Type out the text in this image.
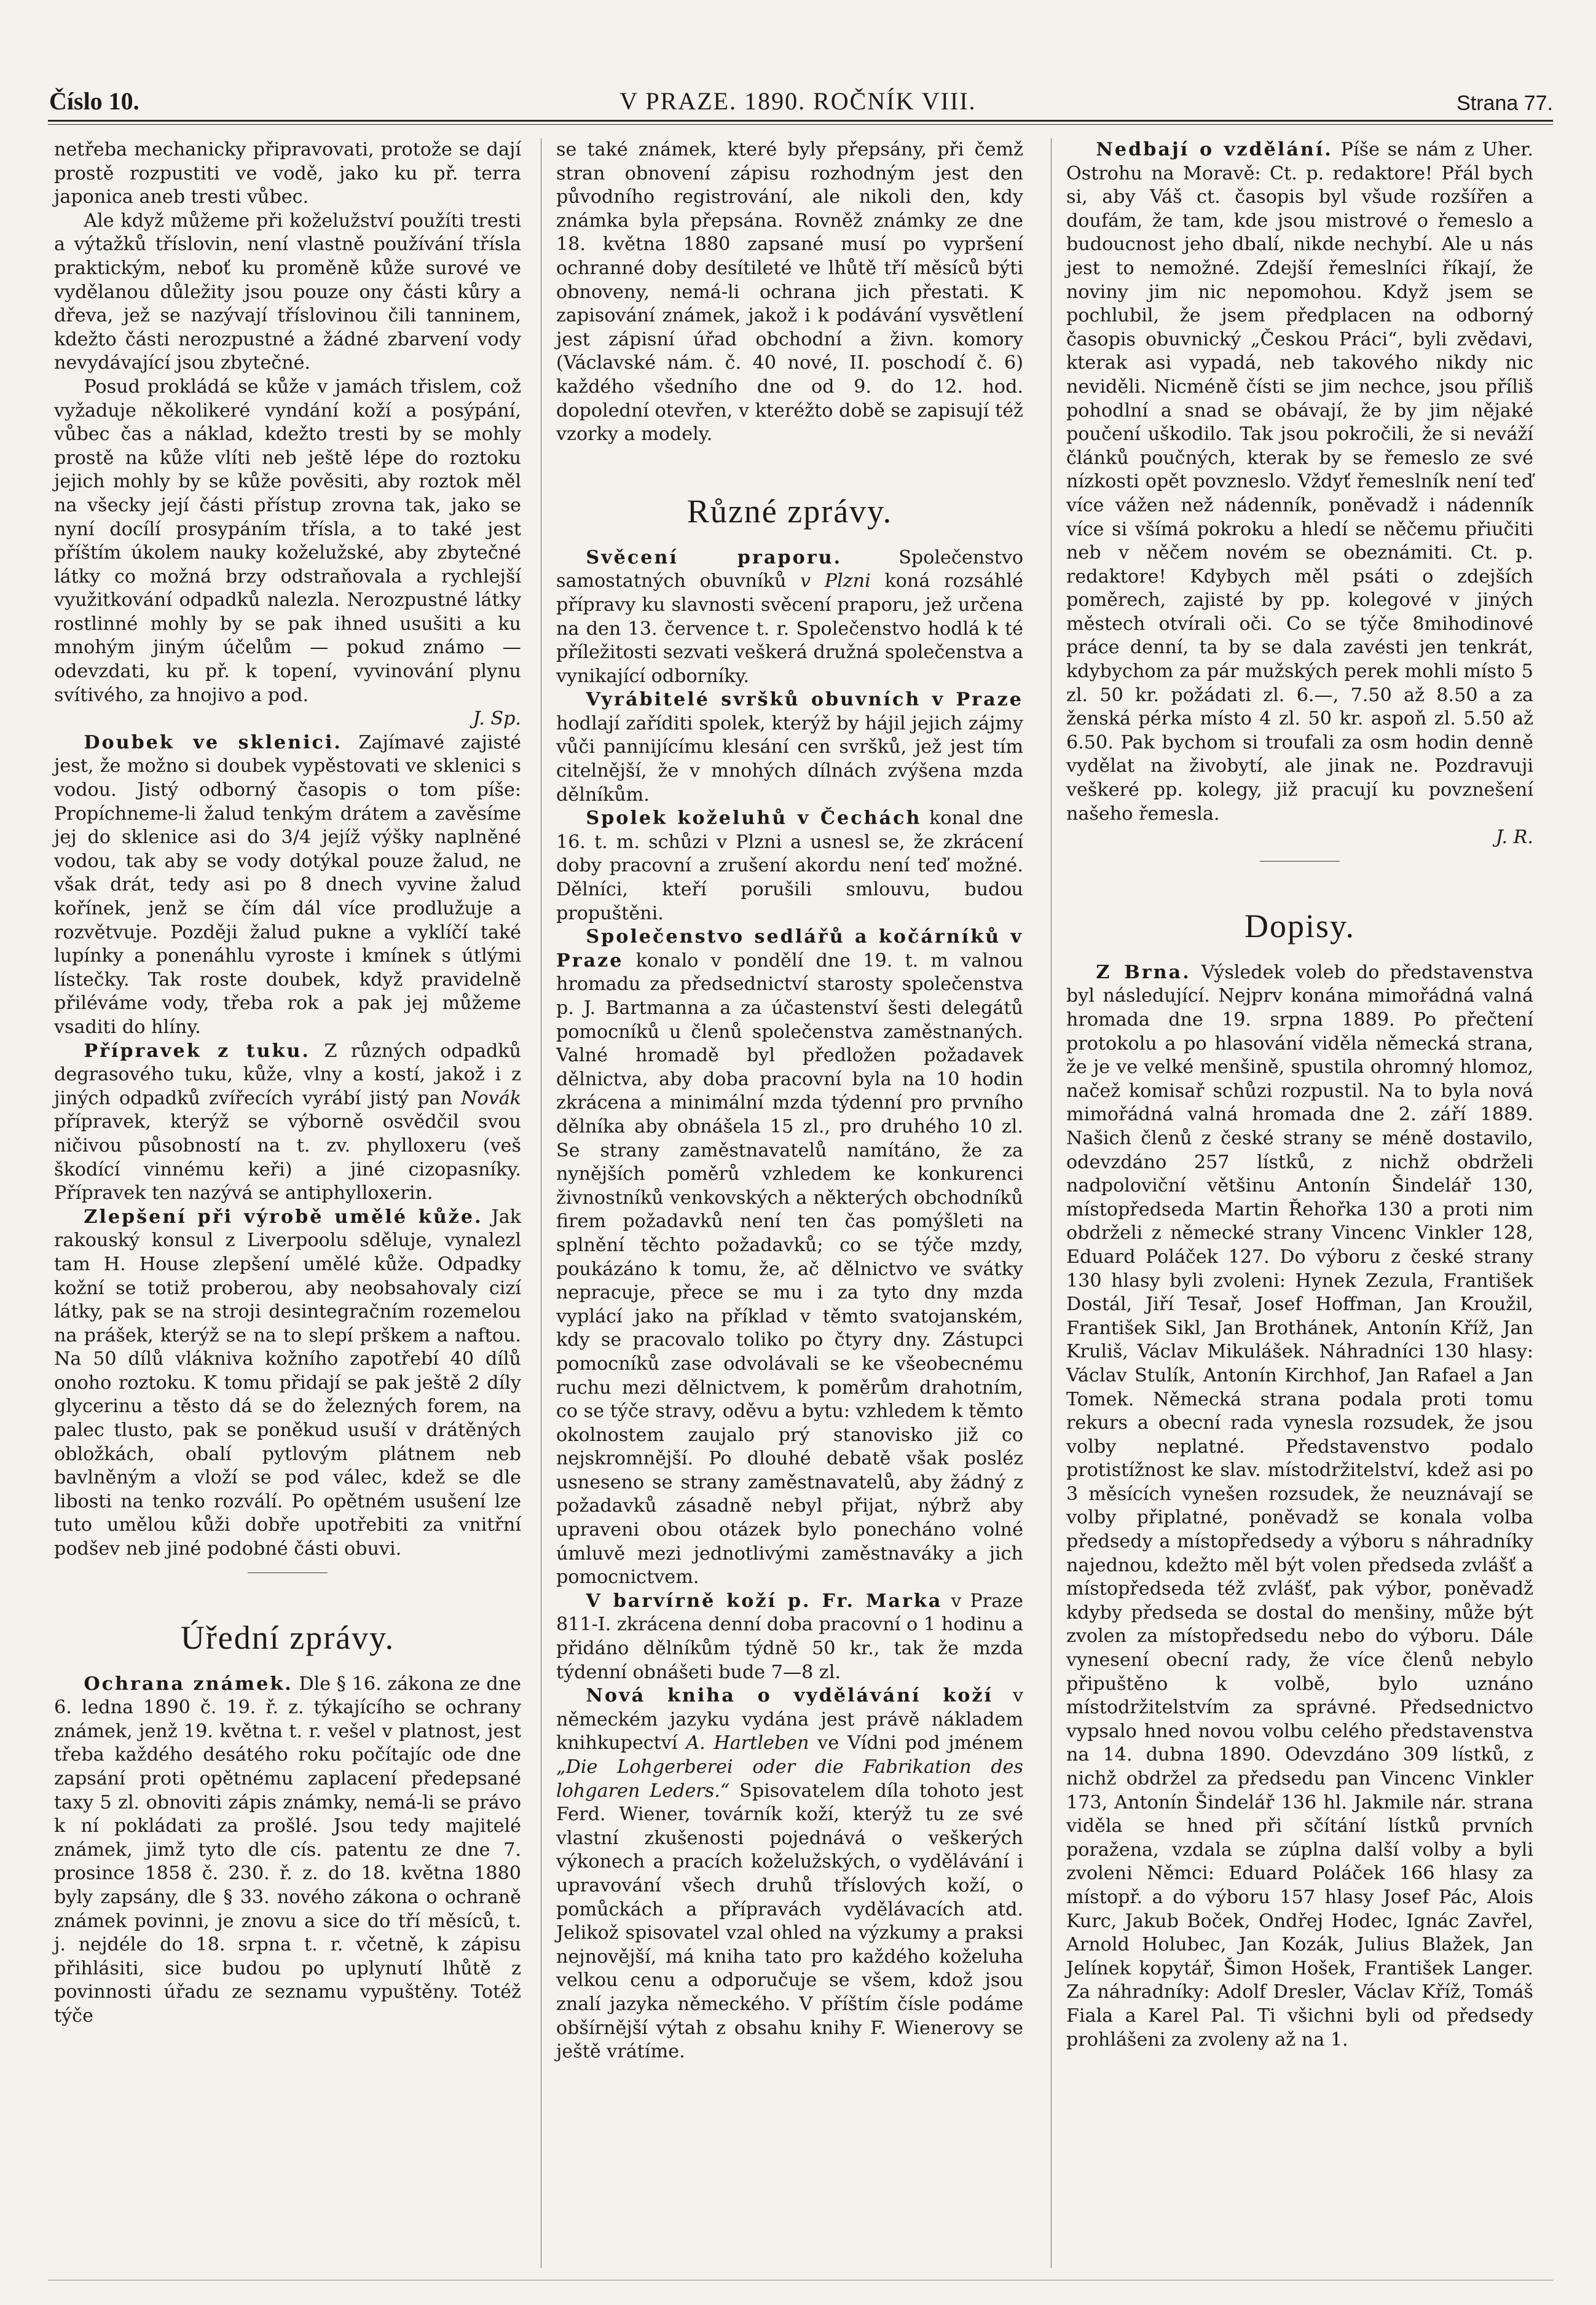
Číslo 10.	V PRAZE. 1890. ROČNÍK VIII.	Strana 77.

netřeba mechanicky připravovati, protože se dají prostě rozpustiti ve vodě, jako ku př. terra japonica aneb tresti vůbec.

Ale když můžeme při koželužství použíti tresti a výtažků tříslovin, není vlastně používání třísla praktickým, neboť ku proměně kůže surové ve vydělanou důležity jsou pouze ony části kůry a dřeva, jež se nazývají tříslovinou čili tanninem, kdežto části nerozpustné a žádné zbarvení vody nevydávající jsou zbytečné.

Posud prokládá se kůže v jamách třislem, což vyžaduje několikeré vyndání koží a posýpání, vůbec čas a náklad, kdežto tresti by se mohly prostě na kůže vlíti neb ještě lépe do roztoku jejich mohly by se kůže pověsiti, aby roztok měl na všecky její části přístup zrovna tak, jako se nyní docílí prosypáním třísla, a to také jest příštím úkolem nauky koželužské, aby zbytečné látky co možná brzy odstraňovala a rychlejší využitkování odpadků nalezla. Nerozpustné látky rostlinné mohly by se pak ihned usušiti a ku mnohým jiným účelům — pokud známo — odevzdati, ku př. k topení, vyvinování plynu svítivého, za hnojivo a pod.

J. Sp.

Doubek ve sklenici. Zajímavé zajisté jest, že možno si doubek vypěstovati ve sklenici s vodou. Jistý odborný časopis o tom píše: Propíchneme-li žalud tenkým drátem a zavěsíme jej do sklenice asi do 3/4 jejíž výšky naplněné vodou, tak aby se vody dotýkal pouze žalud, ne však drát, tedy asi po 8 dnech vyvine žalud kořínek, jenž se čím dál více prodlužuje a rozvětvuje. Později žalud pukne a vyklíčí také lupínky a ponenáhlu vyroste i kmínek s útlými lístečky. Tak roste doubek, když pravidelně přiléváme vody, třeba rok a pak jej můžeme vsaditi do hlíny.

Přípravek z tuku. Z různých odpadků degrasového tuku, kůže, vlny a kostí, jakož i z jiných odpadků zvířecích vyrábí jistý pan Novák přípravek, kterýž se výborně osvědčil svou ničivou působností na t. zv. phylloxeru (veš škodící vinnému keři) a jiné cizopasníky. Přípravek ten nazývá se antiphylloxerin.

Zlepšení při výrobě umělé kůže. Jak rakouský konsul z Liverpoolu sděluje, vynalezl tam H. House zlepšení umělé kůže. Odpadky kožní se totiž proberou, aby neobsahovaly cizí látky, pak se na stroji desintegračním rozemelou na prášek, kterýž se na to slepí prškem a naftou. Na 50 dílů vlákniva kožního zapotřebí 40 dílů onoho roztoku. K tomu přidají se pak ještě 2 díly glycerinu a těsto dá se do železných forem, na palec tlusto, pak se poněkud usuší v drátěných obložkách, obalí pytlovým plátnem neb bavlněným a vloží se pod válec, kdež se dle libosti na tenko rozválí. Po opětném usušení lze tuto umělou kůži dobře upotřebiti za vnitřní podšev neb jiné podobné části obuvi.

Úřední zprávy.

Ochrana známek. Dle § 16. zákona ze dne 6. ledna 1890 č. 19. ř. z. týkajícího se ochrany známek, jenž 19. května t. r. vešel v platnost, jest třeba každého desátého roku počítajíc ode dne zapsání proti opětnému zaplacení předepsané taxy 5 zl. obnoviti zápis známky, nemá-li se právo k ní pokládati za prošlé. Jsou tedy majitelé známek, jimž tyto dle cís. patentu ze dne 7. prosince 1858 č. 230. ř. z. do 18. května 1880 byly zapsány, dle § 33. nového zákona o ochraně známek povinni, je znovu a sice do tří měsíců, t. j. nejdéle do 18. srpna t. r. včetně, k zápisu přihlásiti, sice budou po uplynutí lhůtě z povinnosti úřadu ze seznamu vypuštěny. Totéž týče

se také známek, které byly přepsány, při čemž stran obnovení zápisu rozhodným jest den původního registrování, ale nikoli den, kdy známka byla přepsána. Rovněž známky ze dne 18. května 1880 zapsané musí po vypršení ochranné doby desítileté ve lhůtě tří měsíců býti obnoveny, nemá-li ochrana jich přestati. K zapisování známek, jakož i k podávání vysvětlení jest zápisní úřad obchodní a živn. komory (Václavské nám. č. 40 nové, II. poschodí č. 6) každého všedního dne od 9. do 12. hod. dopolední otevřen, v kteréžto době se zapisují též vzorky a modely.

Různé zprávy.

Svěcení praporu. Společenstvo samostatných obuvníků v Plzni koná rozsáhlé přípravy ku slavnosti svěcení praporu, jež určena na den 13. července t. r. Společenstvo hodlá k té příležitosti sezvati veškerá družná společenstva a vynikající odborníky.

Vyrábitelé svršků obuvních v Praze hodlají zaříditi spolek, kterýž by hájil jejich zájmy vůči pannijícímu klesání cen svršků, jež jest tím citelnější, že v mnohých dílnách zvýšena mzda dělníkům.

Spolek koželuhů v Čechách konal dne 16. t. m. schůzi v Plzni a usnesl se, že zkrácení doby pracovní a zrušení akordu není teď možné. Dělníci, kteří porušili smlouvu, budou propuštěni.

Společenstvo sedlářů a kočárníků v Praze konalo v pondělí dne 19. t. m valnou hromadu za předsednictví starosty společenstva p. J. Bartmanna a za účastenství šesti delegátů pomocníků u členů společenstva zaměstnaných. Valné hromadě byl předložen požadavek dělnictva, aby doba pracovní byla na 10 hodin zkrácena a minimální mzda týdenní pro prvního dělníka aby obnášela 15 zl., pro druhého 10 zl. Se strany zaměstnavatelů namítáno, že za nynějších poměrů vzhledem ke konkurenci živnostníků venkovských a některých obchodníků firem požadavků není ten čas pomýšleti na splnění těchto požadavků; co se týče mzdy, poukázáno k tomu, že, ač dělnictvo ve svátky nepracuje, přece se mu i za tyto dny mzda vyplácí jako na příklad v těmto svatojanském, kdy se pracovalo toliko po čtyry dny. Zástupci pomocníků zase odvolávali se ke všeobecnému ruchu mezi dělnictvem, k poměrům drahotním, co se týče stravy, oděvu a bytu: vzhledem k těmto okolnostem zaujalo prý stanovisko již co nejskromnější. Po dlouhé debatě však posléz usneseno se strany zaměstnavatelů, aby žádný z požadavků zásadně nebyl přijat, nýbrž aby upraveni obou otázek bylo ponecháno volné úmluvě mezi jednotlivými zaměstnaváky a jich pomocnictvem.

V barvírně koží p. Fr. Marka v Praze 811-I. zkrácena denní doba pracovní o 1 hodinu a přidáno dělníkům týdně 50 kr., tak že mzda týdenní obnášeti bude 7—8 zl.

Nová kniha o vydělávání koží v německém jazyku vydána jest právě nákladem knihkupectví A. Hartleben ve Vídni pod jménem „Die Lohgerberei oder die Fabrikation des lohgaren Leders.“ Spisovatelem díla tohoto jest Ferd. Wiener, továrník koží, kterýž tu ze své vlastní zkušenosti pojednává o veškerých výkonech a pracích koželužských, o vydělávání i upravování všech druhů tříslových koží, o pomůckách a přípravách vydělávacích atd. Jelikož spisovatel vzal ohled na výzkumy a praksi nejnovější, má kniha tato pro každého koželuha velkou cenu a odporučuje se všem, kdož jsou znalí jazyka německého. V příštím čísle podáme obšírnější výtah z obsahu knihy F. Wienerovy se ještě vrátíme.

Nedbají o vzdělání. Píše se nám z Uher. Ostrohu na Moravě: Ct. p. redaktore! Přál bych si, aby Váš ct. časopis byl všude rozšířen a doufám, že tam, kde jsou mistrové o řemeslo a budoucnost jeho dbalí, nikde nechybí. Ale u nás jest to nemožné. Zdejší řemeslníci říkají, že noviny jim nic nepomohou. Když jsem se pochlubil, že jsem předplacen na odborný časopis obuvnický „Českou Práci“, byli zvědavi, kterak asi vypadá, neb takového nikdy nic neviděli. Nicméně čísti se jim nechce, jsou příliš pohodlní a snad se obávají, že by jim nějaké poučení uškodilo. Tak jsou pokročili, že si neváží článků poučných, kterak by se řemeslo ze své nízkosti opět povzneslo. Vždyť řemeslník není teď více vážen než nádenník, poněvadž i nádenník více si všímá pokroku a hledí se něčemu přiučiti neb v něčem novém se obeznámiti. Ct. p. redaktore! Kdybych měl psáti o zdejších poměrech, zajisté by pp. kolegové v jiných městech otvírali oči. Co se týče 8mihodinové práce denní, ta by se dala zavésti jen tenkrát, kdybychom za pár mužských perek mohli místo 5 zl. 50 kr. požádati zl. 6.—, 7.50 až 8.50 a za ženská pérka místo 4 zl. 50 kr. aspoň zl. 5.50 až 6.50. Pak bychom si troufali za osm hodin denně vydělat na živobytí, ale jinak ne. Pozdravuji veškeré pp. kolegy, již pracují ku povznešení našeho řemesla.

J. R.

Dopisy.

Z Brna. Výsledek voleb do představenstva byl následující. Nejprv konána mimořádná valná hromada dne 19. srpna 1889. Po přečtení protokolu a po hlasování viděla německá strana, že je ve velké menšině, spustila ohromný hlomoz, načež komisař schůzi rozpustil. Na to byla nová mimořádná valná hromada dne 2. září 1889. Našich členů z české strany se méně dostavilo, odevzdáno 257 lístků, z nichž obdrželi nadpoloviční většinu Antonín Šindelář 130, místopředseda Martin Řehořka 130 a proti nim obdrželi z německé strany Vincenc Vinkler 128, Eduard Poláček 127. Do výboru z české strany 130 hlasy byli zvoleni: Hynek Zezula, František Dostál, Jiří Tesař, Josef Hoffman, Jan Kroužil, František Sikl, Jan Brothánek, Antonín Kříž, Jan Kruliš, Václav Mikulášek. Náhradníci 130 hlasy: Václav Stulík, Antonín Kirchhof, Jan Rafael a Jan Tomek. Německá strana podala proti tomu rekurs a obecní rada vynesla rozsudek, že jsou volby neplatné. Představenstvo podalo protistížnost ke slav. místodržitelství, kdež asi po 3 měsících vynešen rozsudek, že neuznávají se volby připlatné, poněvadž se konala volba předsedy a místopředsedy a výboru s náhradníky najednou, kdežto měl být volen předseda zvlášť a místopředseda též zvlášť, pak výbor, poněvadž kdyby předseda se dostal do menšiny, může být zvolen za místopředsedu nebo do výboru. Dále vynesení obecní rady, že více členů nebylo připuštěno k volbě, bylo uznáno místodržitelstvím za správné. Předsednictvo vypsalo hned novou volbu celého představenstva na 14. dubna 1890. Odevzdáno 309 lístků, z nichž obdržel za předsedu pan Vincenc Vinkler 173, Antonín Šindelář 136 hl. Jakmile nár. strana viděla se hned při sčítání lístků prvních poražena, vzdala se zúplna další volby a byli zvoleni Němci: Eduard Poláček 166 hlasy za místopř. a do výboru 157 hlasy Josef Pác, Alois Kurc, Jakub Boček, Ondřej Hodec, Ignác Zavřel, Arnold Holubec, Jan Kozák, Julius Blažek, Jan Jelínek kopytář, Šimon Hošek, František Langer. Za náhradníky: Adolf Dresler, Václav Kříž, Tomáš Fiala a Karel Pal. Ti všichni byli od předsedy prohlášeni za zvoleny až na 1.
